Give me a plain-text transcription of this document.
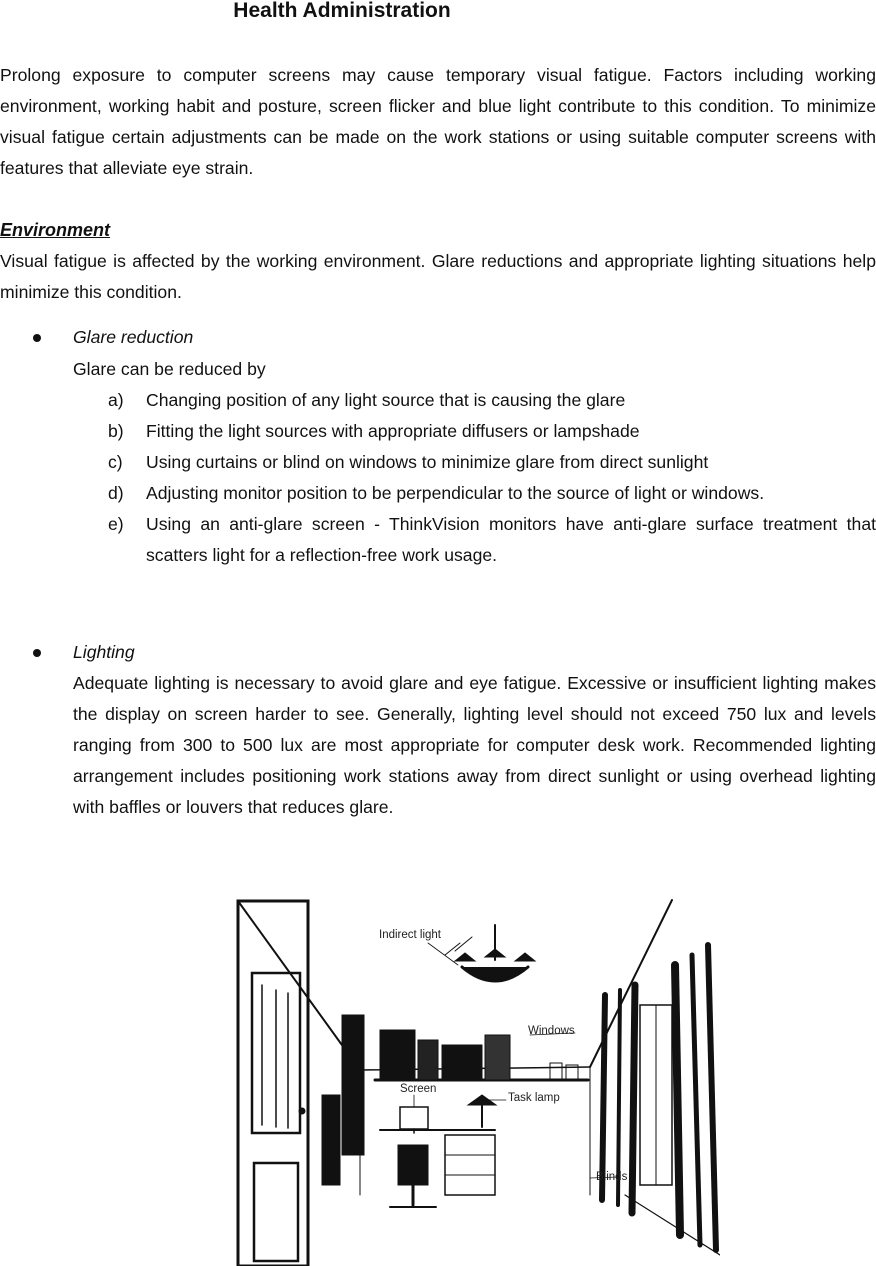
Health Administration

Prolong exposure to computer screens may cause temporary visual fatigue. Factors including working environment, working habit and posture, screen flicker and blue light contribute to this condition. To minimize visual fatigue certain adjustments can be made on the work stations or using suitable computer screens with features that alleviate eye strain.

Environment

Visual fatigue is affected by the working environment. Glare reductions and appropriate lighting situations help minimize this condition.

Glare reduction

Glare can be reduced by

a) Changing position of any light source that is causing the glare
b) Fitting the light sources with appropriate diffusers or lampshade
c) Using curtains or blind on windows to minimize glare from direct sunlight
d) Adjusting monitor position to be perpendicular to the source of light or windows.
e) Using an anti-glare screen - ThinkVision monitors have anti-glare surface treatment that scatters light for a reflection-free work usage.

Lighting

Adequate lighting is necessary to avoid glare and eye fatigue. Excessive or insufficient lighting makes the display on screen harder to see. Generally, lighting level should not exceed 750 lux and levels ranging from 300 to 500 lux are most appropriate for computer desk work. Recommended lighting arrangement includes positioning work stations away from direct sunlight or using overhead lighting with baffles or louvers that reduces glare.

Indirect light

Windows

Screen

Task lamp

Blinds
